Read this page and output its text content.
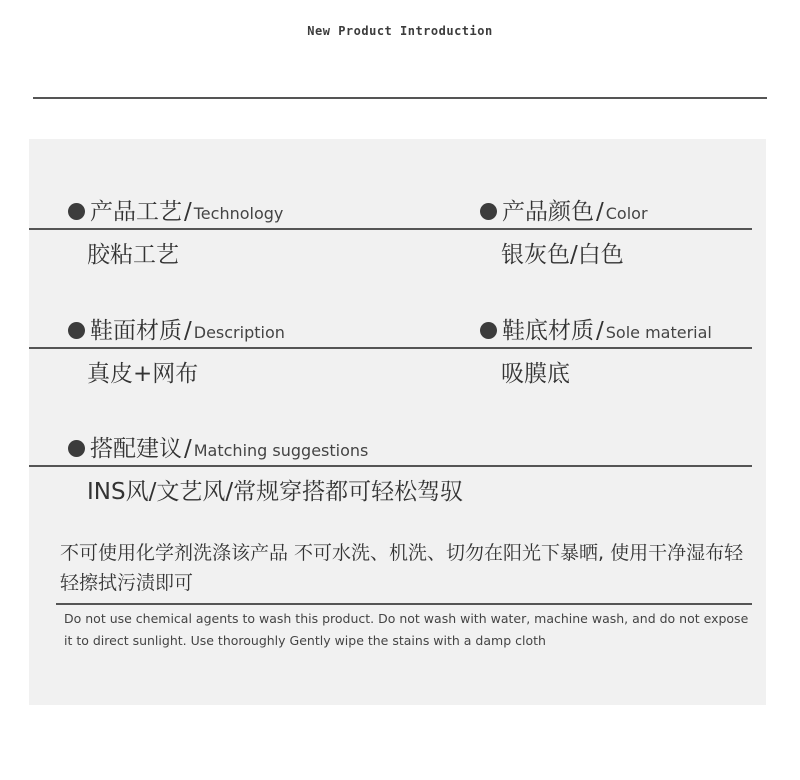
New Product Introduction
产品工艺 / Technology
胶粘工艺
产品颜色 / Color
银灰色/白色
鞋面材质 / Description
真皮+网布
鞋底材质 / Sole material
吸膜底
搭配建议 / Matching suggestions
INS风/文艺风/常规穿搭都可轻松驾驭
不可使用化学剂洗涤该产品 不可水洗、机洗、切勿在阳光下暴晒, 使用干净湿布轻轻擦拭污渍即可
Do not use chemical agents to wash this product. Do not wash with water, machine wash, and do not expose it to direct sunlight. Use thoroughly Gently wipe the stains with a damp cloth
